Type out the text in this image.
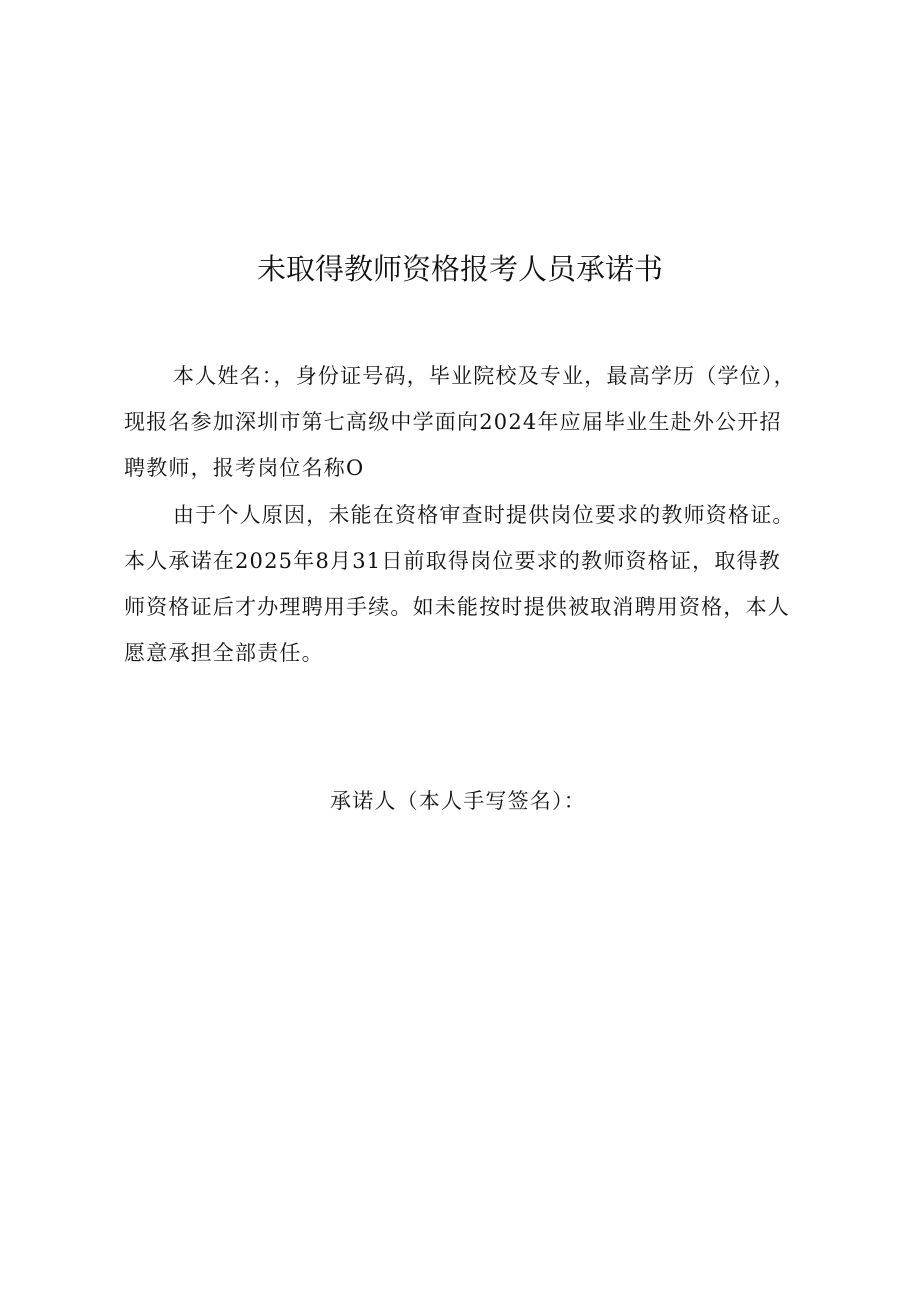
未取得教师资格报考人员承诺书
本人姓名：，身份证号码，毕业院校及专业，最高学历（学位），
现报名参加深圳市第七高级中学面向2024年应届毕业生赴外公开招
聘教师，报考岗位名称O
由于个人原因，未能在资格审查时提供岗位要求的教师资格证。
本人承诺在2025年8月31日前取得岗位要求的教师资格证，取得教
师资格证后才办理聘用手续。如未能按时提供被取消聘用资格，本人
愿意承担全部责任。
承诺人（本人手写签名）：
